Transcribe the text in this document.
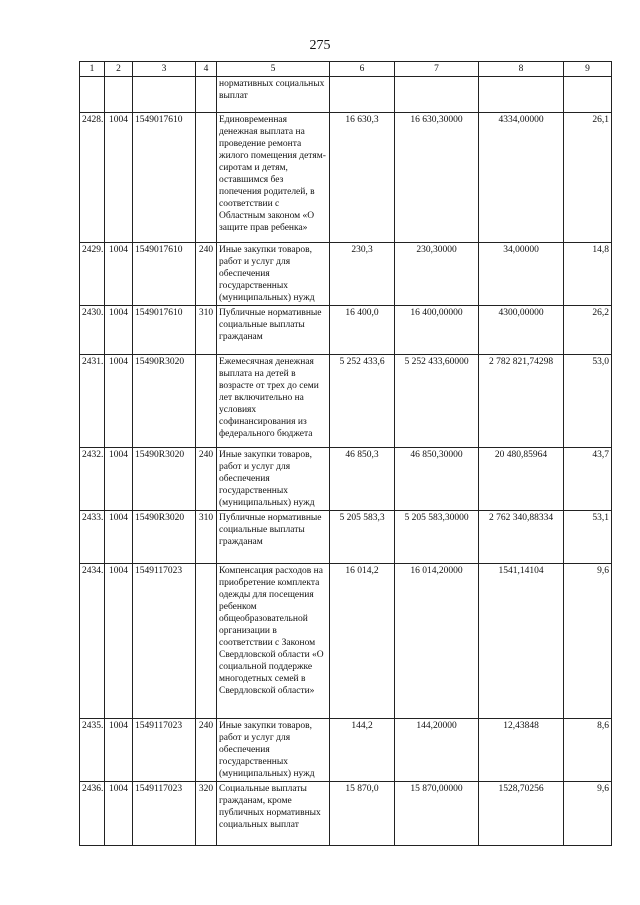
275
1	2	3	4	5	6	7	8	9
				нормативных социальных выплат				
2428.	1004	1549017610		Единовременная денежная выплата на проведение ремонта жилого помещения детям-сиротам и детям, оставшимся без попечения родителей, в соответствии с Областным законом «О защите прав ребенка»	16 630,3	16 630,30000	4334,00000	26,1
2429.	1004	1549017610	240	Иные закупки товаров, работ и услуг для обеспечения государственных (муниципальных) нужд	230,3	230,30000	34,00000	14,8
2430.	1004	1549017610	310	Публичные нормативные социальные выплаты гражданам	16 400,0	16 400,00000	4300,00000	26,2
2431.	1004	15490R3020		Ежемесячная денежная выплата на детей в возрасте от трех до семи лет включительно на условиях софинансирования из федерального бюджета	5 252 433,6	5 252 433,60000	2 782 821,74298	53,0
2432.	1004	15490R3020	240	Иные закупки товаров, работ и услуг для обеспечения государственных (муниципальных) нужд	46 850,3	46 850,30000	20 480,85964	43,7
2433.	1004	15490R3020	310	Публичные нормативные социальные выплаты гражданам	5 205 583,3	5 205 583,30000	2 762 340,88334	53,1
2434.	1004	1549117023		Компенсация расходов на приобретение комплекта одежды для посещения ребенком общеобразовательной организации в соответствии с Законом Свердловской области «О социальной поддержке многодетных семей в Свердловской области»	16 014,2	16 014,20000	1541,14104	9,6
2435.	1004	1549117023	240	Иные закупки товаров, работ и услуг для обеспечения государственных (муниципальных) нужд	144,2	144,20000	12,43848	8,6
2436.	1004	1549117023	320	Социальные выплаты гражданам, кроме публичных нормативных социальных выплат	15 870,0	15 870,00000	1528,70256	9,6
